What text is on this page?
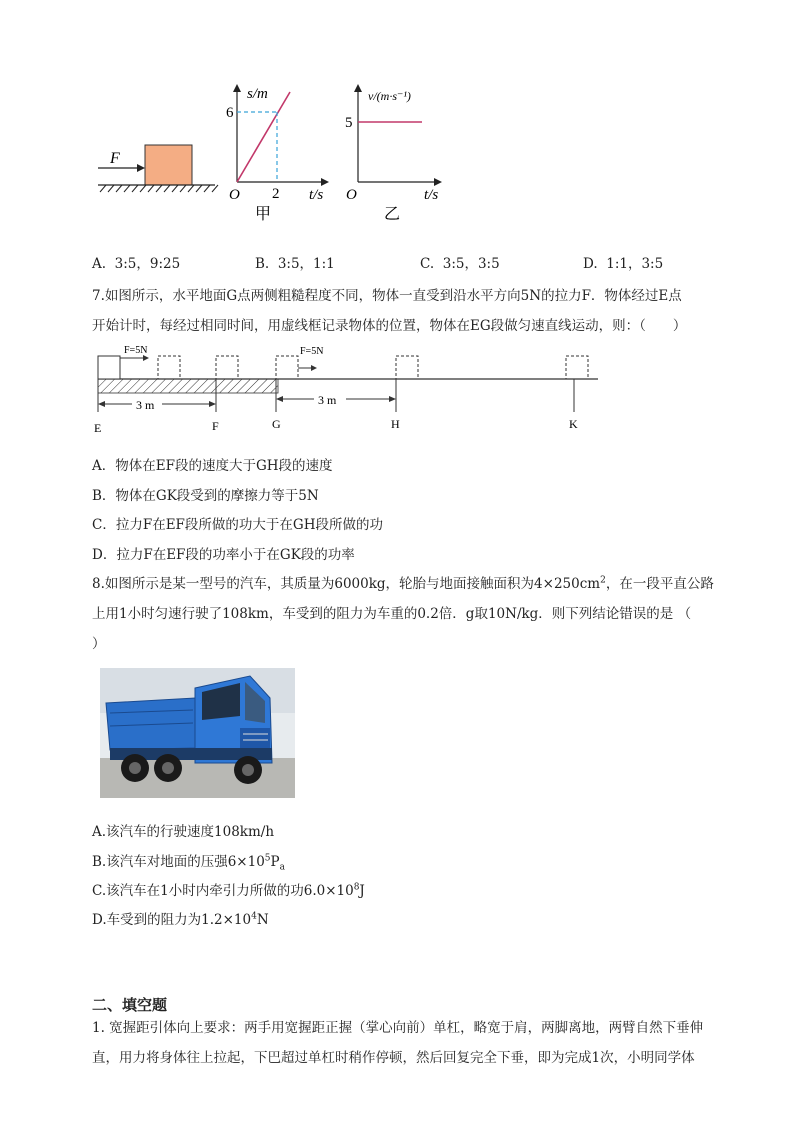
F
s/m
6
2 t/s
O
甲
v/(m·s⁻¹)
5
t/s
O
乙
A. 3:5，9:25	B. 3:5，1:1	C. 3:5，3:5	D. 1:1，3:5
7.如图所示，水平地面G点两侧粗糙程度不同，物体一直受到沿水平方向5N的拉力F．物体经过E点
开始计时，每经过相同时间，用虚线框记录物体的位置，物体在EG段做匀速直线运动，则：（　　）
F=5N	F=5N
3 m	3 m
E	F	G	H	K
A．物体在EF段的速度大于GH段的速度
B．物体在GK段受到的摩擦力等于5N
C．拉力F在EF段所做的功大于在GH段所做的功
D．拉力F在EF段的功率小于在GK段的功率
8.如图所示是某一型号的汽车，其质量为6000kg，轮胎与地面接触面积为$4\times 250cm^2$，在一段平直公路
上用1小时匀速行驶了108km，车受到的阻力为车重的0.2倍．g取10N/kg．则下列结论错误的是 （
）
A.该汽车的行驶速度108km/h
B.该汽车对地面的压强$6\times 10^5P_a$
C.该汽车在1小时内牵引力所做的功$6.0\times 10^8J$
D.车受到的阻力为$1.2\times 10^4N$
二、填空题
1. 宽握距引体向上要求：两手用宽握距正握（掌心向前）单杠，略宽于肩，两脚离地，两臂自然下垂伸
直，用力将身体往上拉起，下巴超过单杠时稍作停顿，然后回复完全下垂，即为完成1次，小明同学体
